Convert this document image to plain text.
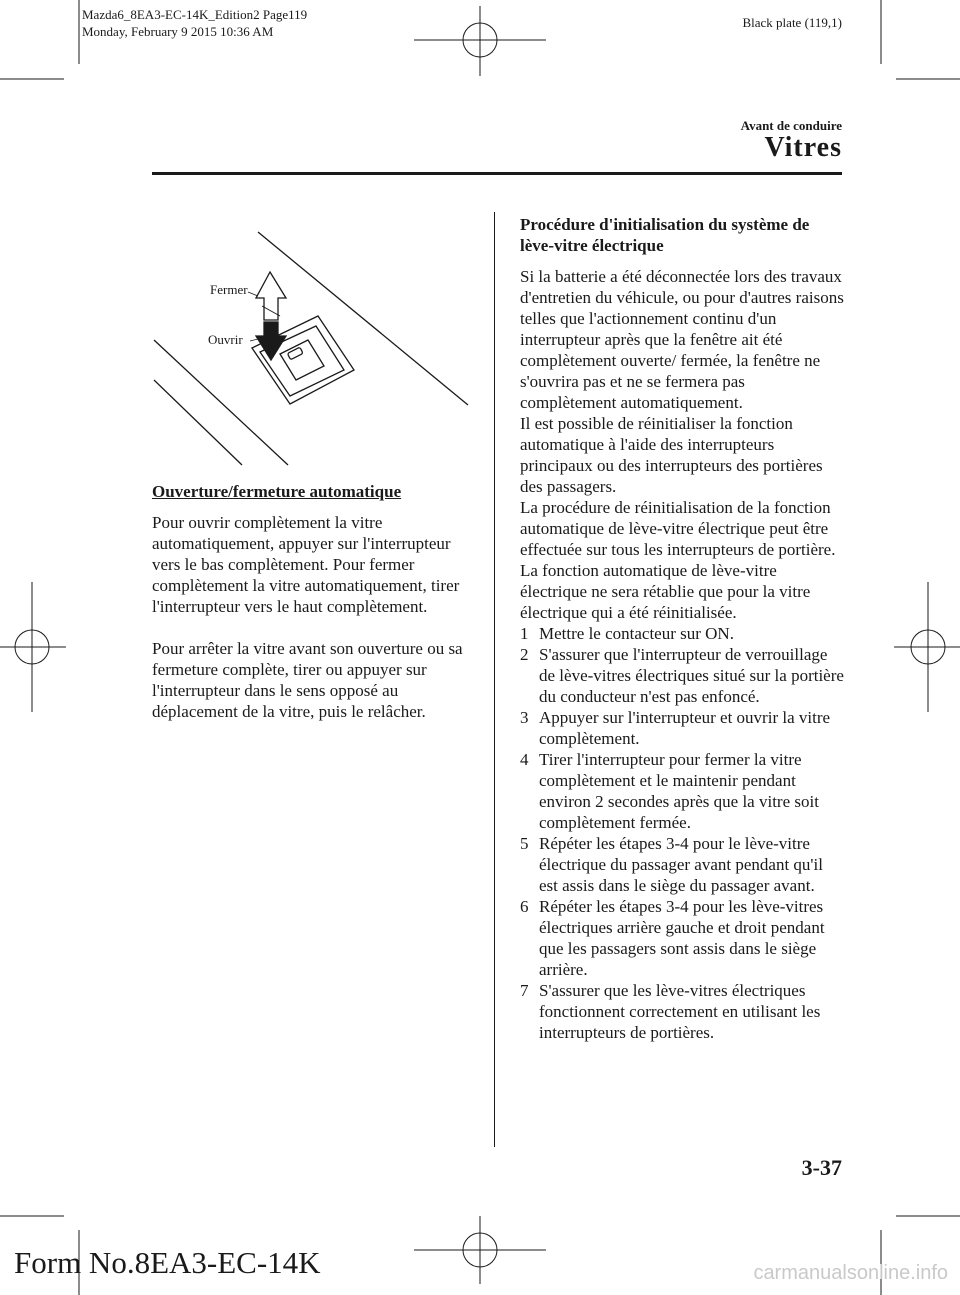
Mazda6_8EA3-EC-14K_Edition2 Page119
Monday, February 9 2015 10:36 AM
Black plate (119,1)
Avant de conduire
Vitres
Fermer
Ouvrir
Ouverture/fermeture automatique

Pour ouvrir complètement la vitre automatiquement, appuyer sur l'interrupteur vers le bas complètement. Pour fermer complètement la vitre automatiquement, tirer l'interrupteur vers le haut complètement.

Pour arrêter la vitre avant son ouverture ou sa fermeture complète, tirer ou appuyer sur l'interrupteur dans le sens opposé au déplacement de la vitre, puis le relâcher.

Procédure d'initialisation du système de lève-vitre électrique

Si la batterie a été déconnectée lors des travaux d'entretien du véhicule, ou pour d'autres raisons telles que l'actionnement continu d'un interrupteur après que la fenêtre ait été complètement ouverte/ fermée, la fenêtre ne s'ouvrira pas et ne se fermera pas complètement automatiquement.

Il est possible de réinitialiser la fonction automatique à l'aide des interrupteurs principaux ou des interrupteurs des portières des passagers.

La procédure de réinitialisation de la fonction automatique de lève-vitre électrique peut être effectuée sur tous les interrupteurs de portière. La fonction automatique de lève-vitre électrique ne sera rétablie que pour la vitre électrique qui a été réinitialisée.

1 Mettre le contacteur sur ON.
2 S'assurer que l'interrupteur de verrouillage de lève-vitres électriques situé sur la portière du conducteur n'est pas enfoncé.
3 Appuyer sur l'interrupteur et ouvrir la vitre complètement.
4 Tirer l'interrupteur pour fermer la vitre complètement et le maintenir pendant environ 2 secondes après que la vitre soit complètement fermée.
5 Répéter les étapes 3-4 pour le lève-vitre électrique du passager avant pendant qu'il est assis dans le siège du passager avant.
6 Répéter les étapes 3-4 pour les lève-vitres électriques arrière gauche et droit pendant que les passagers sont assis dans le siège arrière.
7 S'assurer que les lève-vitres électriques fonctionnent correctement en utilisant les interrupteurs de portières.
3-37
Form No.8EA3-EC-14K	carmanualsonline.info
